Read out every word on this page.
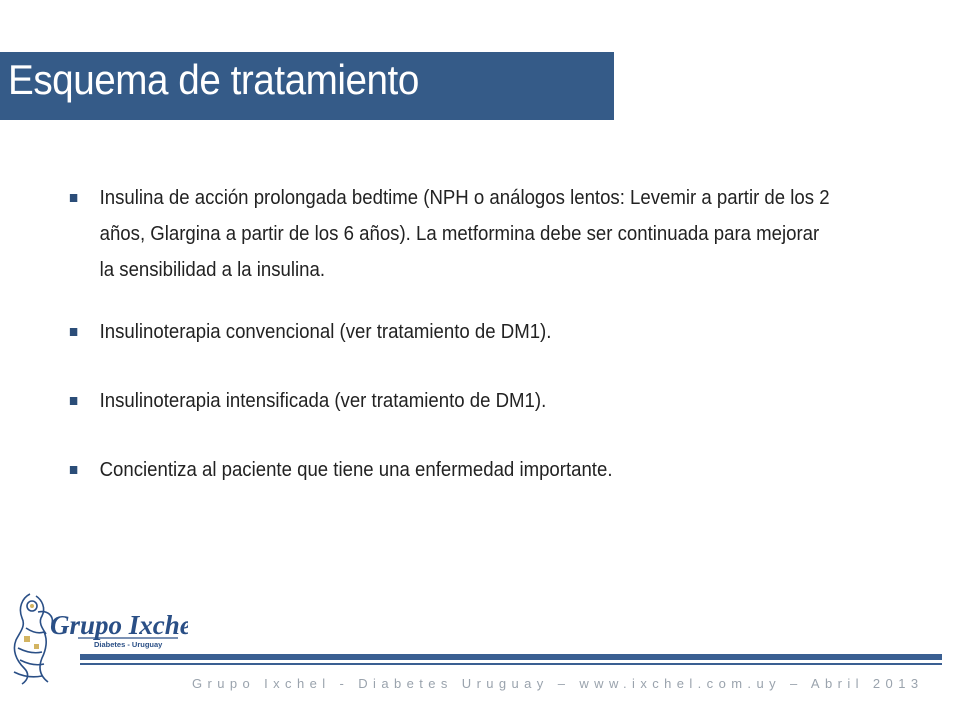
Esquema de tratamiento
Insulina de acción prolongada bedtime (NPH o análogos lentos: Levemir a partir de los 2 años, Glargina a partir de los 6 años). La metformina debe ser continuada para mejorar la sensibilidad a la insulina.
Insulinoterapia convencional (ver tratamiento de DM1).
Insulinoterapia intensificada (ver tratamiento de DM1).
Concientiza al paciente que tiene una enfermedad importante.
Grupo Ixchel
Diabetes - Uruguay
Grupo Ixchel - Diabetes Uruguay – www.ixchel.com.uy – Abril 2013
